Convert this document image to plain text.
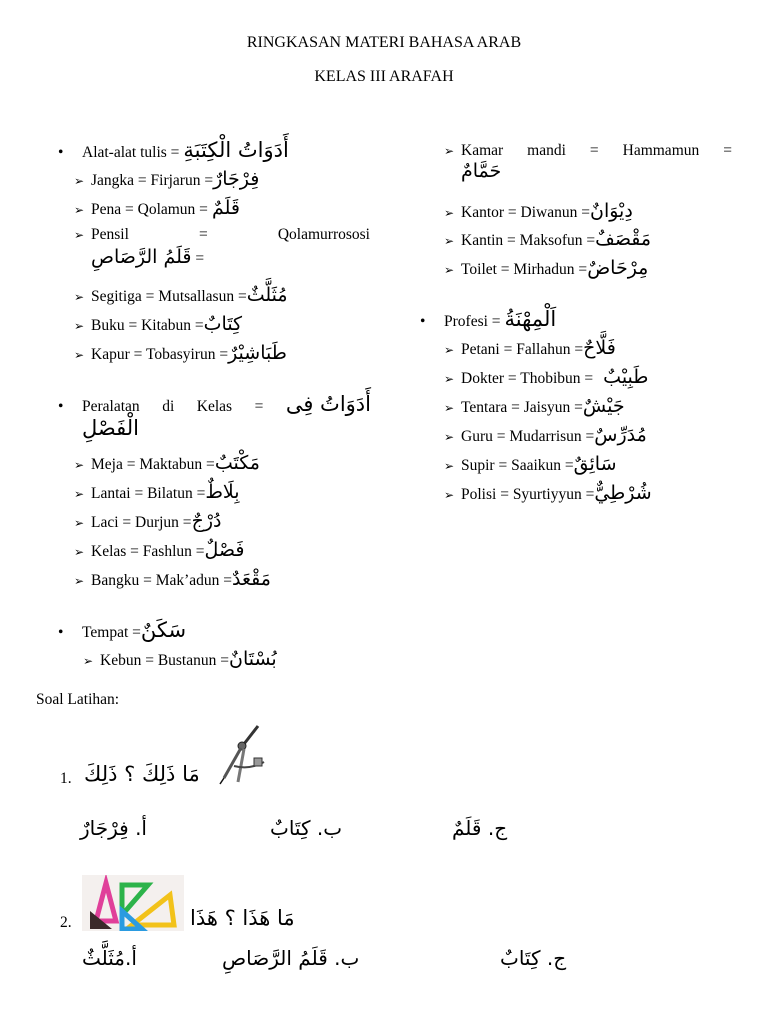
RINGKASAN MATERI BAHASA ARAB
KELAS III ARAFAH
•	Alat-alat tulis = أَدَوَاتُ الْكِتَبَةِ
➢ Jangka = Firjarun = فِرْجَارٌ
➢ Pena = Qolamun = قَلَمٌ
➢ Pensil	=	Qolamurrososi
قَلَمُ الرَّصَاصِ =
➢ Segitiga = Mutsallasun = مُثَلَّثٌ
➢ Buku = Kitabun = كِتَابٌ
➢ Kapur = Tobasyirun = طَبَاشِيْرٌ
• Peralatan di Kelas = أَدَوَاتُ فِى
الْفَصْلِ
➢ Meja = Maktabun = مَكْتَبٌ
➢ Lantai = Bilatun = بِلَاطٌ
➢ Laci = Durjun = دُرْجٌ
➢ Kelas = Fashlun = فَصْلٌ
➢ Bangku = Mak’adun = مَقْعَدٌ
•	Tempat = سَكَنٌ
➢ Kebun = Bustanun = بُسْتَانٌ
➢ Kamar mandi = Hammamun =
حَمَّامٌ
➢ Kantor = Diwanun = دِيْوَانٌ
➢ Kantin = Maksofun = مَقْصَفٌ
➢ Toilet = Mirhadun = مِرْحَاضٌ
•	Profesi = اَلْمِهْنَةُ
➢ Petani = Fallahun = فَلَّاحٌ
➢ Dokter = Thobibun = طَبِيْبٌ
➢ Tentara = Jaisyun = جَيْشٌ
➢ Guru = Mudarrisun = مُدَرِّسٌ
➢ Supir = Saaikun = سَائِقٌ
➢ Polisi = Syurtiyyun = شُرْطِيٌّ
Soal Latihan:
1. مَا ذَلِكَ ؟ ذَلِكَ
أ. فِرْجَارٌ	ب. كِتَابٌ	ج. قَلَمٌ
2.	مَا هَذَا ؟ هَذَا
أ.مُثَلَّثٌ	ب. قَلَمُ الرَّصَاصِ	ج. كِتَابٌ
